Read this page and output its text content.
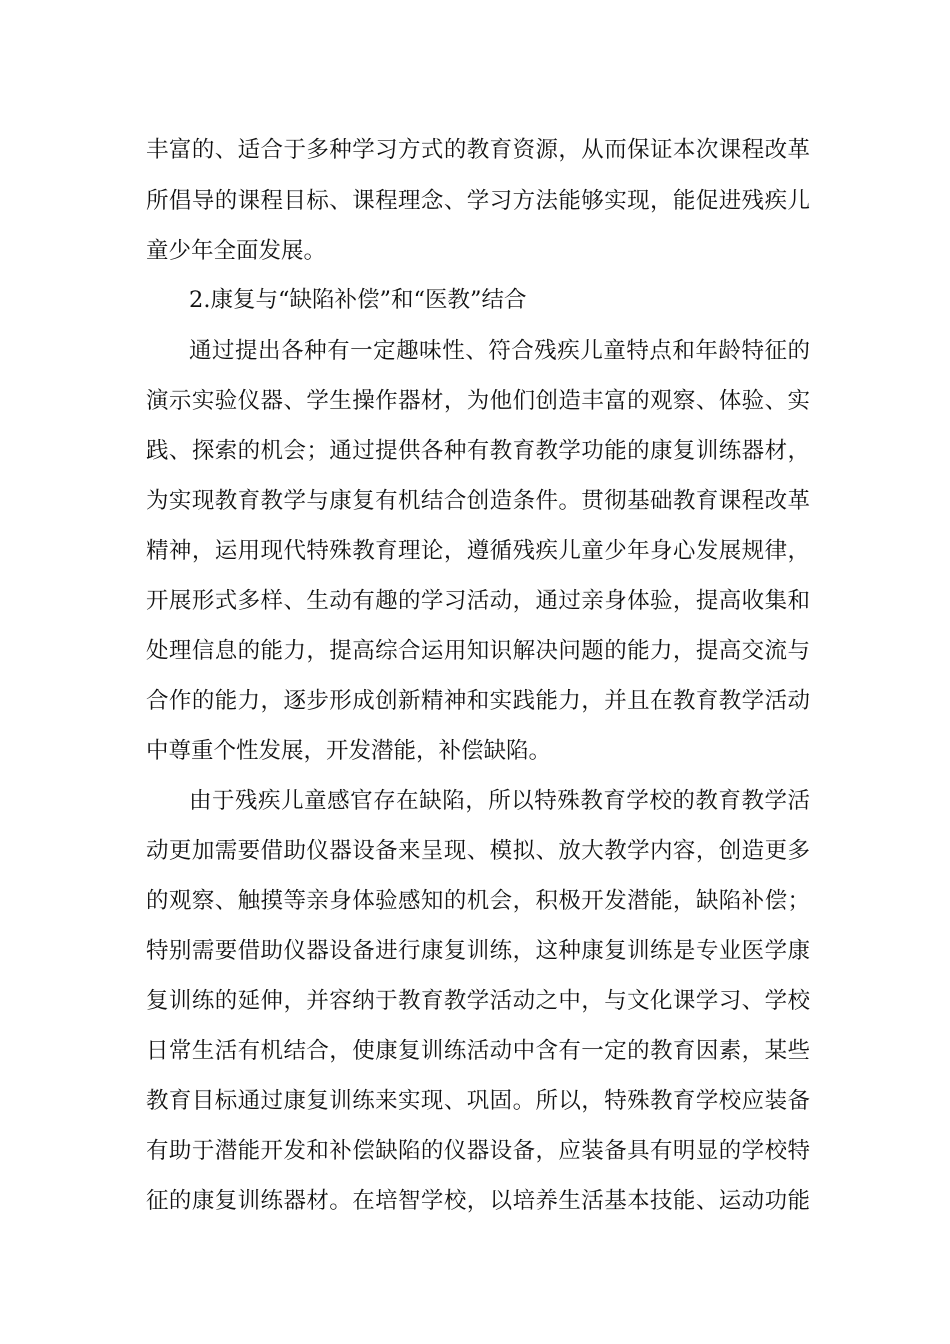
丰富的、适合于多种学习方式的教育资源，从而保证本次课程改革
所倡导的课程目标、课程理念、学习方法能够实现，能促进残疾儿
童少年全面发展。
2.康复与“缺陷补偿”和“医教”结合
通过提出各种有一定趣味性、符合残疾儿童特点和年龄特征的
演示实验仪器、学生操作器材，为他们创造丰富的观察、体验、实
践、探索的机会；通过提供各种有教育教学功能的康复训练器材，
为实现教育教学与康复有机结合创造条件。贯彻基础教育课程改革
精神，运用现代特殊教育理论，遵循残疾儿童少年身心发展规律，
开展形式多样、生动有趣的学习活动，通过亲身体验，提高收集和
处理信息的能力，提高综合运用知识解决问题的能力，提高交流与
合作的能力，逐步形成创新精神和实践能力，并且在教育教学活动
中尊重个性发展，开发潜能，补偿缺陷。
由于残疾儿童感官存在缺陷，所以特殊教育学校的教育教学活
动更加需要借助仪器设备来呈现、模拟、放大教学内容，创造更多
的观察、触摸等亲身体验感知的机会，积极开发潜能，缺陷补偿；
特别需要借助仪器设备进行康复训练，这种康复训练是专业医学康
复训练的延伸，并容纳于教育教学活动之中，与文化课学习、学校
日常生活有机结合，使康复训练活动中含有一定的教育因素，某些
教育目标通过康复训练来实现、巩固。所以，特殊教育学校应装备
有助于潜能开发和补偿缺陷的仪器设备，应装备具有明显的学校特
征的康复训练器材。在培智学校，以培养生活基本技能、运动功能
